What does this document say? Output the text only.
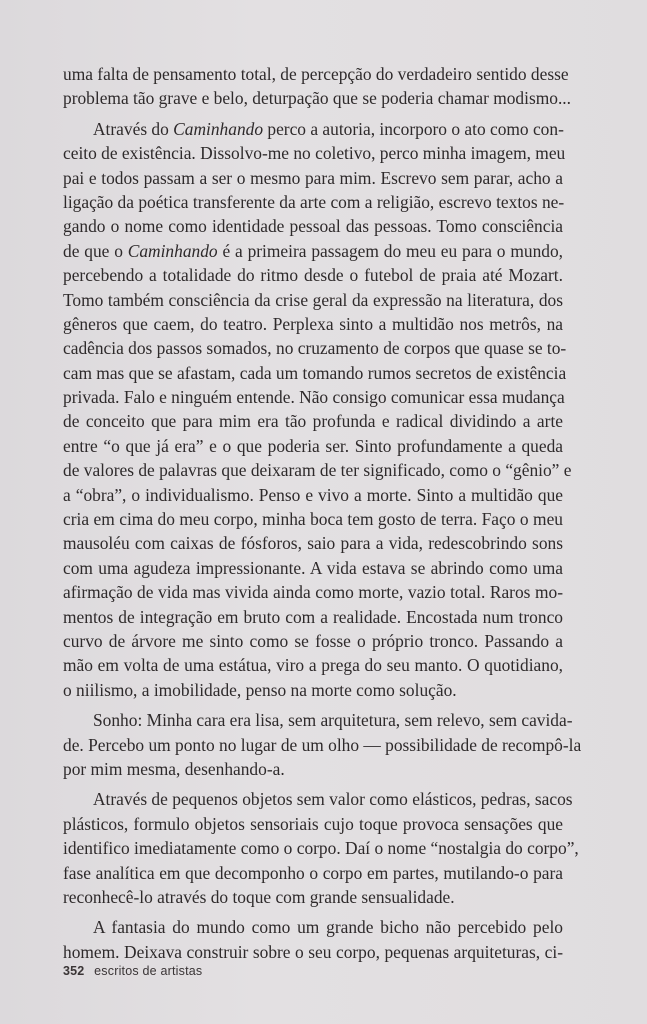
uma falta de pensamento total, de percepção do verdadeiro sentido desse
problema tão grave e belo, deturpação que se poderia chamar modismo...
Através do Caminhando perco a autoria, incorporo o ato como con-
ceito de existência. Dissolvo-me no coletivo, perco minha imagem, meu
pai e todos passam a ser o mesmo para mim. Escrevo sem parar, acho a
ligação da poética transferente da arte com a religião, escrevo textos ne-
gando o nome como identidade pessoal das pessoas. Tomo consciência
de que o Caminhando é a primeira passagem do meu eu para o mundo,
percebendo a totalidade do ritmo desde o futebol de praia até Mozart.
Tomo também consciência da crise geral da expressão na literatura, dos
gêneros que caem, do teatro. Perplexa sinto a multidão nos metrôs, na
cadência dos passos somados, no cruzamento de corpos que quase se to-
cam mas que se afastam, cada um tomando rumos secretos de existência
privada. Falo e ninguém entende. Não consigo comunicar essa mudança
de conceito que para mim era tão profunda e radical dividindo a arte
entre “o que já era” e o que poderia ser. Sinto profundamente a queda
de valores de palavras que deixaram de ter significado, como o “gênio” e
a “obra”, o individualismo. Penso e vivo a morte. Sinto a multidão que
cria em cima do meu corpo, minha boca tem gosto de terra. Faço o meu
mausoléu com caixas de fósforos, saio para a vida, redescobrindo sons
com uma agudeza impressionante. A vida estava se abrindo como uma
afirmação de vida mas vivida ainda como morte, vazio total. Raros mo-
mentos de integração em bruto com a realidade. Encostada num tronco
curvo de árvore me sinto como se fosse o próprio tronco. Passando a
mão em volta de uma estátua, viro a prega do seu manto. O quotidiano,
o niilismo, a imobilidade, penso na morte como solução.
Sonho: Minha cara era lisa, sem arquitetura, sem relevo, sem cavida-
de. Percebo um ponto no lugar de um olho — possibilidade de recompô-la
por mim mesma, desenhando-a.
Através de pequenos objetos sem valor como elásticos, pedras, sacos
plásticos, formulo objetos sensoriais cujo toque provoca sensações que
identifico imediatamente como o corpo. Daí o nome “nostalgia do corpo”,
fase analítica em que decomponho o corpo em partes, mutilando-o para
reconhecê-lo através do toque com grande sensualidade.
A fantasia do mundo como um grande bicho não percebido pelo
homem. Deixava construir sobre o seu corpo, pequenas arquiteturas, ci-
352 escritos de artistas
